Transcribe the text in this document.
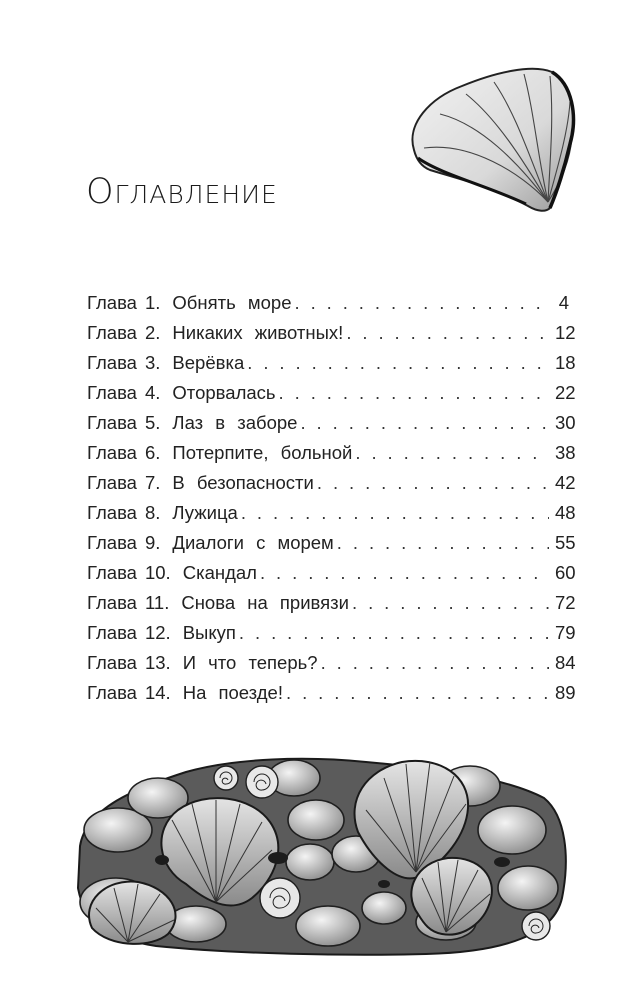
Оглавление
Глава 1. Обнять море . . .	4
Глава 2. Никаких животных! . . .	12
Глава 3. Верёвка . . .	18
Глава 4. Оторвалась . . .	22
Глава 5. Лаз в заборе . . .	30
Глава 6. Потерпите, больной . . .	38
Глава 7. В безопасности . . .	42
Глава 8. Лужица . . .	48
Глава 9. Диалоги с морем . . .	55
Глава 10. Скандал . . .	60
Глава 11. Снова на привязи . . .	72
Глава 12. Выкуп . . .	79
Глава 13. И что теперь? . . .	84
Глава 14. На поезде! . . .	89
